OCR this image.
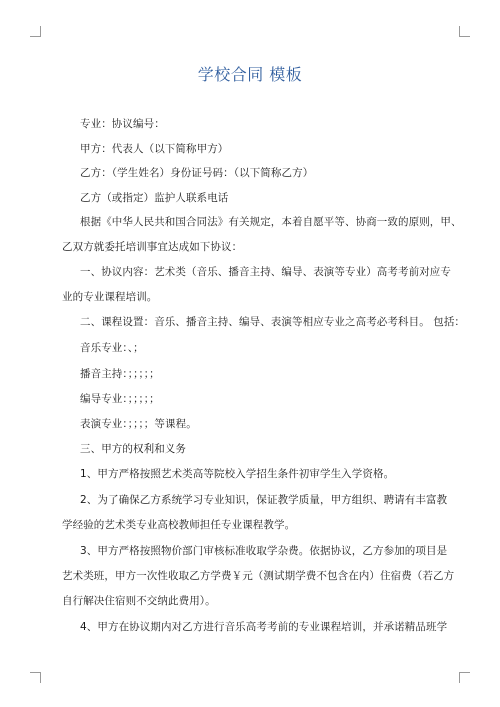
学校合同 模板
专业：协议编号：
甲方：代表人（以下简称甲方）
乙方：（学生姓名）身份证号码：（以下简称乙方）
乙方（或指定）监护人联系电话
根据《中华人民共和国合同法》有关规定，本着自愿平等、协商一致的原则，甲、
乙双方就委托培训事宜达成如下协议：
一、协议内容：艺术类（音乐、播音主持、编导、表演等专业）高考考前对应专
业的专业课程培训。
二、课程设置：音乐、播音主持、编导、表演等相应专业之高考必考科目。 包括：
音乐专业：、；
播音主持：；；；；；
编导专业：；；；；；
表演专业：；；；；等课程。
三、甲方的权利和义务
1、甲方严格按照艺术类高等院校入学招生条件初审学生入学资格。
2、为了确保乙方系统学习专业知识，保证教学质量，甲方组织、聘请有丰富教
学经验的艺术类专业高校教师担任专业课程教学。
3、甲方严格按照物价部门审核标准收取学杂费。依据协议，乙方参加的项目是
艺术类班，甲方一次性收取乙方学费￥元（测试期学费不包含在内）住宿费（若乙方
自行解决住宿则不交纳此费用）。
4、甲方在协议期内对乙方进行音乐高考考前的专业课程培训，并承诺精品班学
